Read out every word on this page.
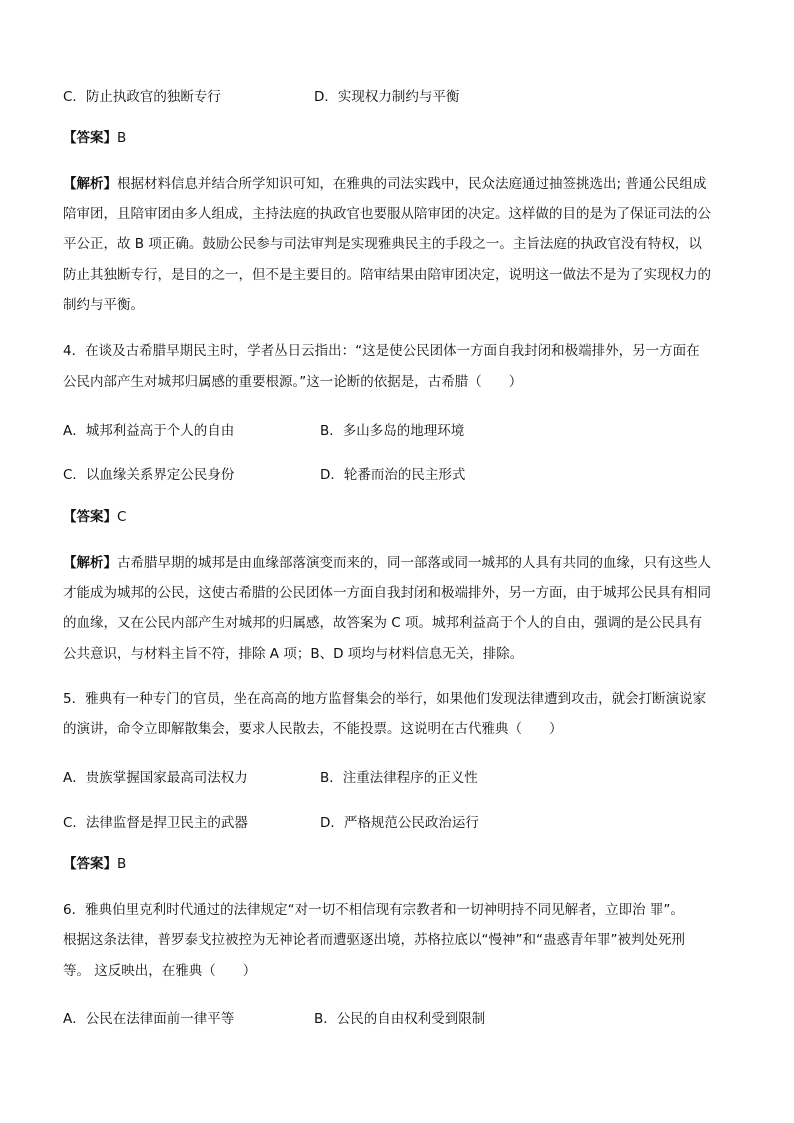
C．防止执政官的独断专行	D．实现权力制约与平衡
【答案】B
【解析】根据材料信息并结合所学知识可知，在雅典的司法实践中，民众法庭通过抽签挑选出; 普通公民组成
陪审团，且陪审团由多人组成，主持法庭的执政官也要服从陪审团的决定。这样做的目的是为了保证司法的公
平公正，故 B 项正确。鼓励公民参与司法审判是实现雅典民主的手段之一。主旨法庭的执政官没有特权，以
防止其独断专行，是目的之一，但不是主要目的。陪审结果由陪审团决定，说明这一做法不是为了实现权力的
制约与平衡。
4．在谈及古希腊早期民主时，学者丛日云指出：“这是使公民团体一方面自我封闭和极端排外，另一方面在
公民内部产生对城邦归属感的重要根源。”这一论断的依据是，古希腊（　　）
A．城邦利益高于个人的自由	B．多山多岛的地理环境
C．以血缘关系界定公民身份	D．轮番而治的民主形式
【答案】C
【解析】古希腊早期的城邦是由血缘部落演变而来的，同一部落或同一城邦的人具有共同的血缘，只有这些人
才能成为城邦的公民，这使古希腊的公民团体一方面自我封闭和极端排外，另一方面，由于城邦公民具有相同
的血缘，又在公民内部产生对城邦的归属感，故答案为 C 项。城邦利益高于个人的自由，强调的是公民具有
公共意识，与材料主旨不符，排除 A 项；B、D 项均与材料信息无关，排除。
5．雅典有一种专门的官员，坐在高高的地方监督集会的举行，如果他们发现法律遭到攻击，就会打断演说家
的演讲，命令立即解散集会，要求人民散去，不能投票。这说明在古代雅典（　　）
A．贵族掌握国家最高司法权力	B．注重法律程序的正义性
C．法律监督是捍卫民主的武器	D．严格规范公民政治运行
【答案】B
6．雅典伯里克利时代通过的法律规定“对一切不相信现有宗教者和一切神明持不同见解者，立即治 罪”。
根据这条法律，普罗泰戈拉被控为无神论者而遭驱逐出境，苏格拉底以“慢神”和“蛊惑青年罪”被判处死刑
等。 这反映出，在雅典（　　）
A．公民在法律面前一律平等	B．公民的自由权利受到限制
